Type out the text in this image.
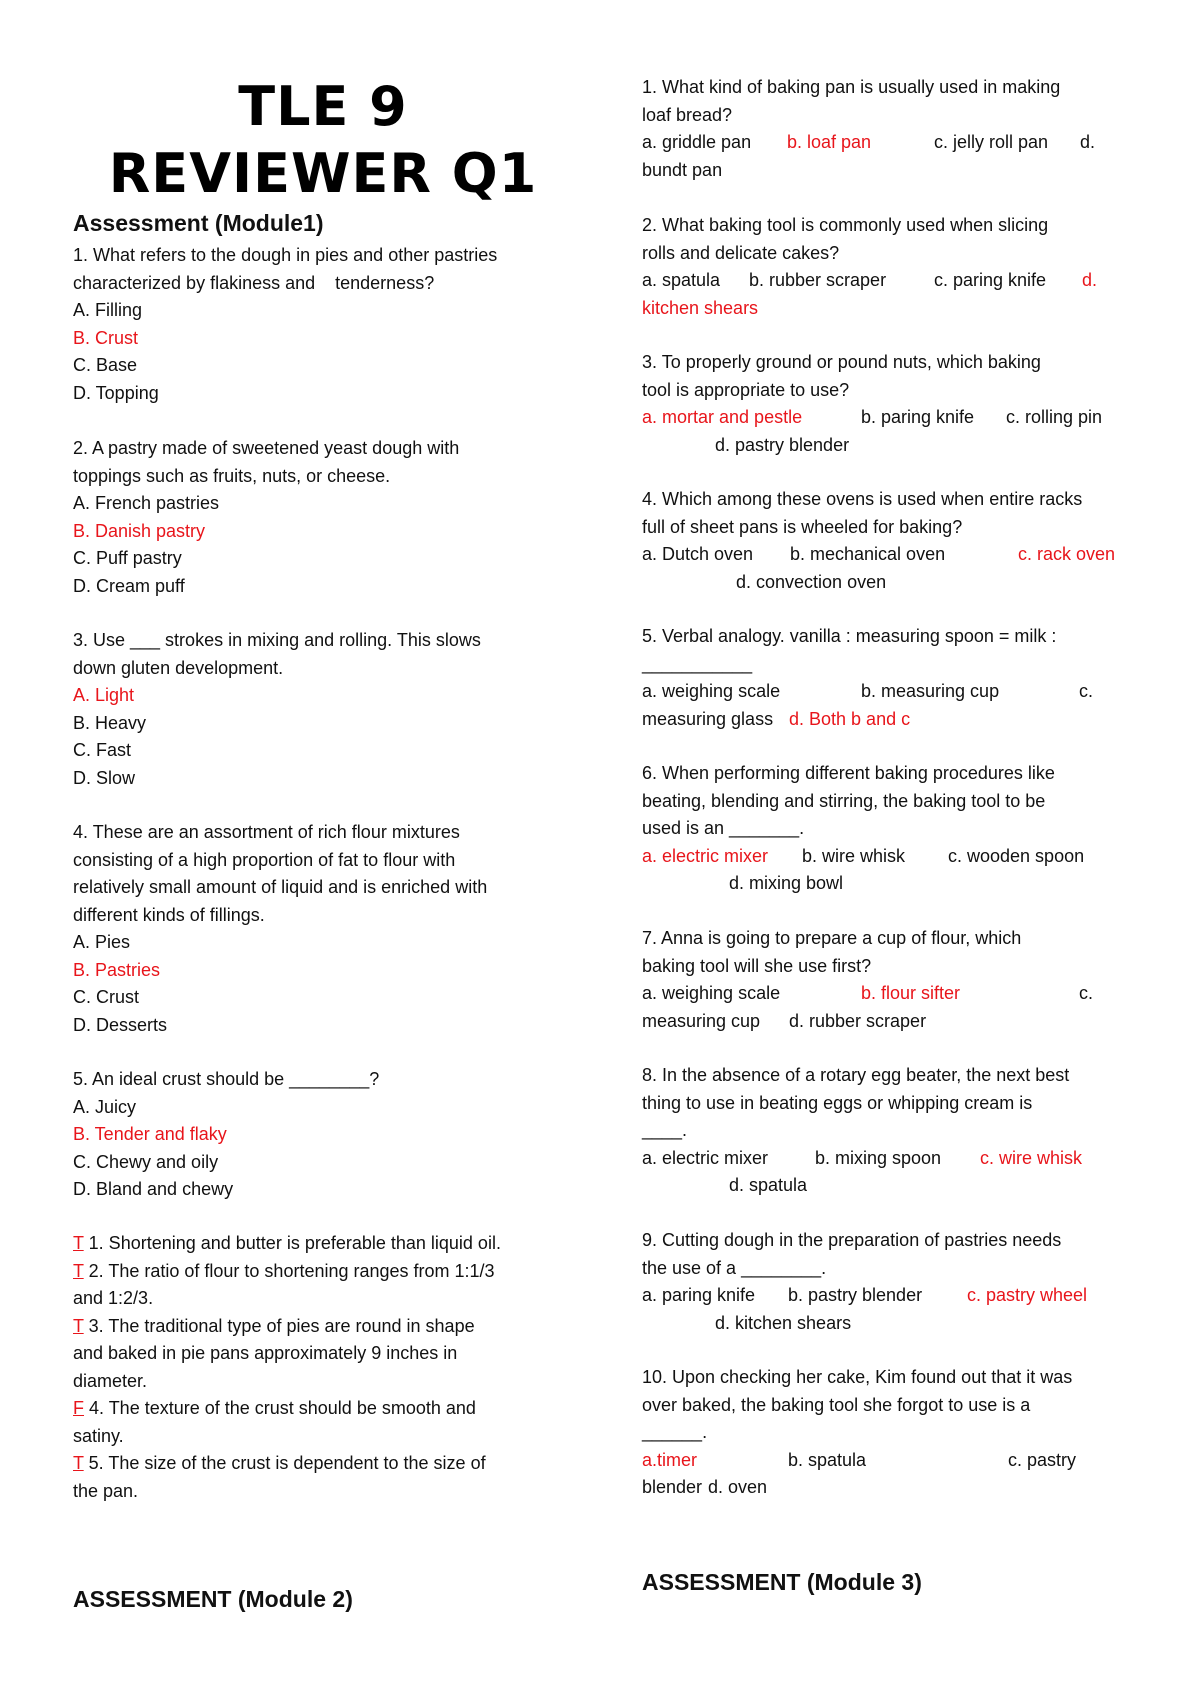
TLE 9
REVIEWER Q1
Assessment (Module1)
1. What refers to the dough in pies and other pastries
characterized by flakiness and    tenderness?
A. Filling
B. Crust
C. Base
D. Topping
2. A pastry made of sweetened yeast dough with
toppings such as fruits, nuts, or cheese.
A. French pastries
B. Danish pastry
C. Puff pastry
D. Cream puff
3. Use ___ strokes in mixing and rolling. This slows
down gluten development.
A. Light
B. Heavy
C. Fast
D. Slow
4. These are an assortment of rich flour mixtures
consisting of a high proportion of fat to flour with
relatively small amount of liquid and is enriched with
different kinds of fillings.
A. Pies
B. Pastries
C. Crust
D. Desserts
5. An ideal crust should be ________?
A. Juicy
B. Tender and flaky
C. Chewy and oily
D. Bland and chewy
T 1. Shortening and butter is preferable than liquid oil.
T 2. The ratio of flour to shortening ranges from 1:1/3
and 1:2/3.
T 3. The traditional type of pies are round in shape
and baked in pie pans approximately 9 inches in
diameter.
F 4. The texture of the crust should be smooth and
satiny.
T 5. The size of the crust is dependent to the size of
the pan.
ASSESSMENT (Module 2)
1. What kind of baking pan is usually used in making
loaf bread?

a. griddle pan

b. loaf pan

	c. jelly roll pan

d.

bundt pan
2. What baking tool is commonly used when slicing
rolls and delicate cakes?

a. spatula

b. rubber scraper

	c. paring knife

d.

kitchen shears
3. To properly ground or pound nuts, which baking
tool is appropriate to use?

a. mortar and pestle

	b. paring knife

c. rolling pin

d. pastry blender

4. Which among these ovens is used when entire racks
full of sheet pans is wheeled for baking?

a. Dutch oven

b. mechanical oven

	c. rack oven

d. convection oven

5. Verbal analogy. vanilla : measuring spoon = milk :
___________

a. weighing scale

	b. measuring cup

	c.

measuring glass

d. Both b and c

6. When performing different baking procedures like
beating, blending and stirring, the baking tool to be
used is an _______.

a. electric mixer

b. wire whisk

c. wooden spoon

d. mixing bowl

7. Anna is going to prepare a cup of flour, which
baking tool will she use first?

a. weighing scale

	b. flour sifter

	c.

measuring cup

d. rubber scraper

8. In the absence of a rotary egg beater, the next best
thing to use in beating eggs or whipping cream is
____.

a. electric mixer

	b. mixing spoon

c. wire whisk

d. spatula

9. Cutting dough in the preparation of pastries needs
the use of a ________.

a. paring knife

b. pastry blender

c. pastry wheel

d. kitchen shears

10. Upon checking her cake, Kim found out that it was
over baked, the baking tool she forgot to use is a
______.

a.timer

	b. spatula

	c. pastry

blender

d. oven

ASSESSMENT (Module 3)
